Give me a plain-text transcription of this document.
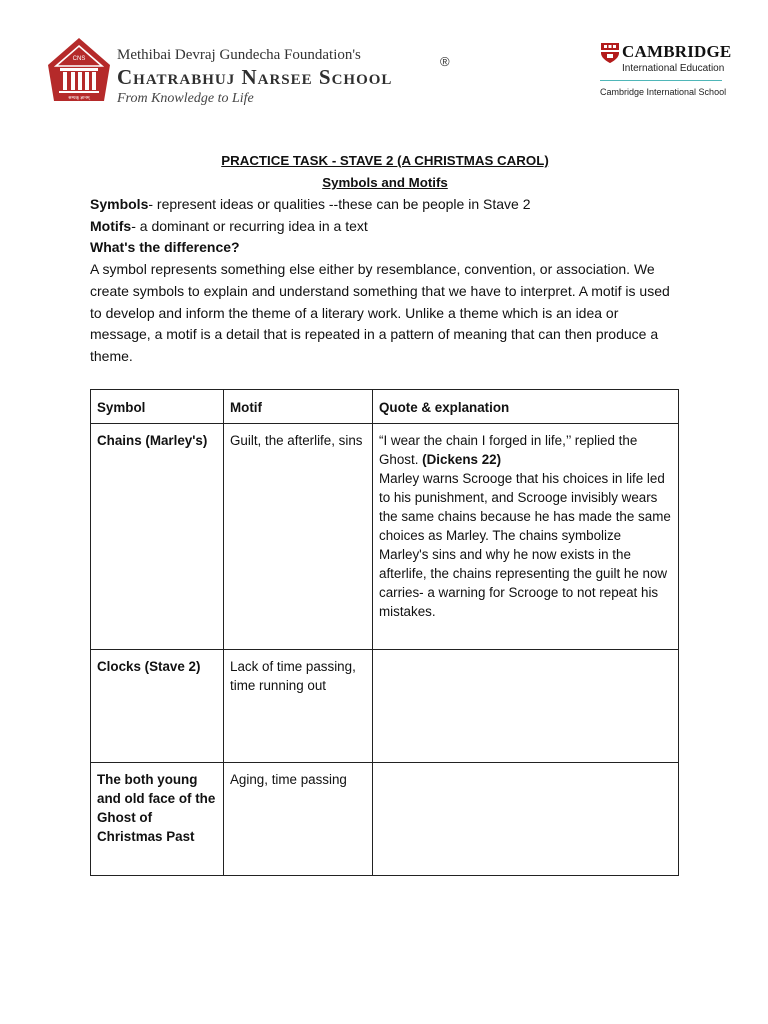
CNS
सम्यक् ज्ञानम्
Methibai Devraj Gundecha Foundation's
Chatrabhuj Narsee School
From Knowledge to Life
®
CAMBRIDGE
International Education
Cambridge International School
PRACTICE TASK - STAVE 2 (A CHRISTMAS CAROL)
Symbols and Motifs

Symbols- represent ideas or qualities --these can be people in Stave 2

Motifs- a dominant or recurring idea in a text

What's the difference?

A symbol represents something else either by resemblance, convention, or association. We create symbols to explain and understand something that we have to interpret. A motif is used to develop and inform the theme of a literary work. Unlike a theme which is an idea or message, a motif is a detail that is repeated in a pattern of meaning that can then produce a theme.

Symbol	Motif	Quote & explanation
Chains (Marley's)	Guilt, the afterlife, sins	“I wear the chain I forged in life,’’ replied the Ghost. (Dickens 22)
Marley warns Scrooge that his choices in life led to his punishment, and Scrooge invisibly wears the same chains because he has made the same choices as Marley. The chains symbolize Marley's sins and why he now exists in the afterlife, the chains representing the guilt he now carries- a warning for Scrooge to not repeat his mistakes.
Clocks (Stave 2)	Lack of time passing, time running out	
The both young and old face of the Ghost of Christmas Past	Aging, time passing	
